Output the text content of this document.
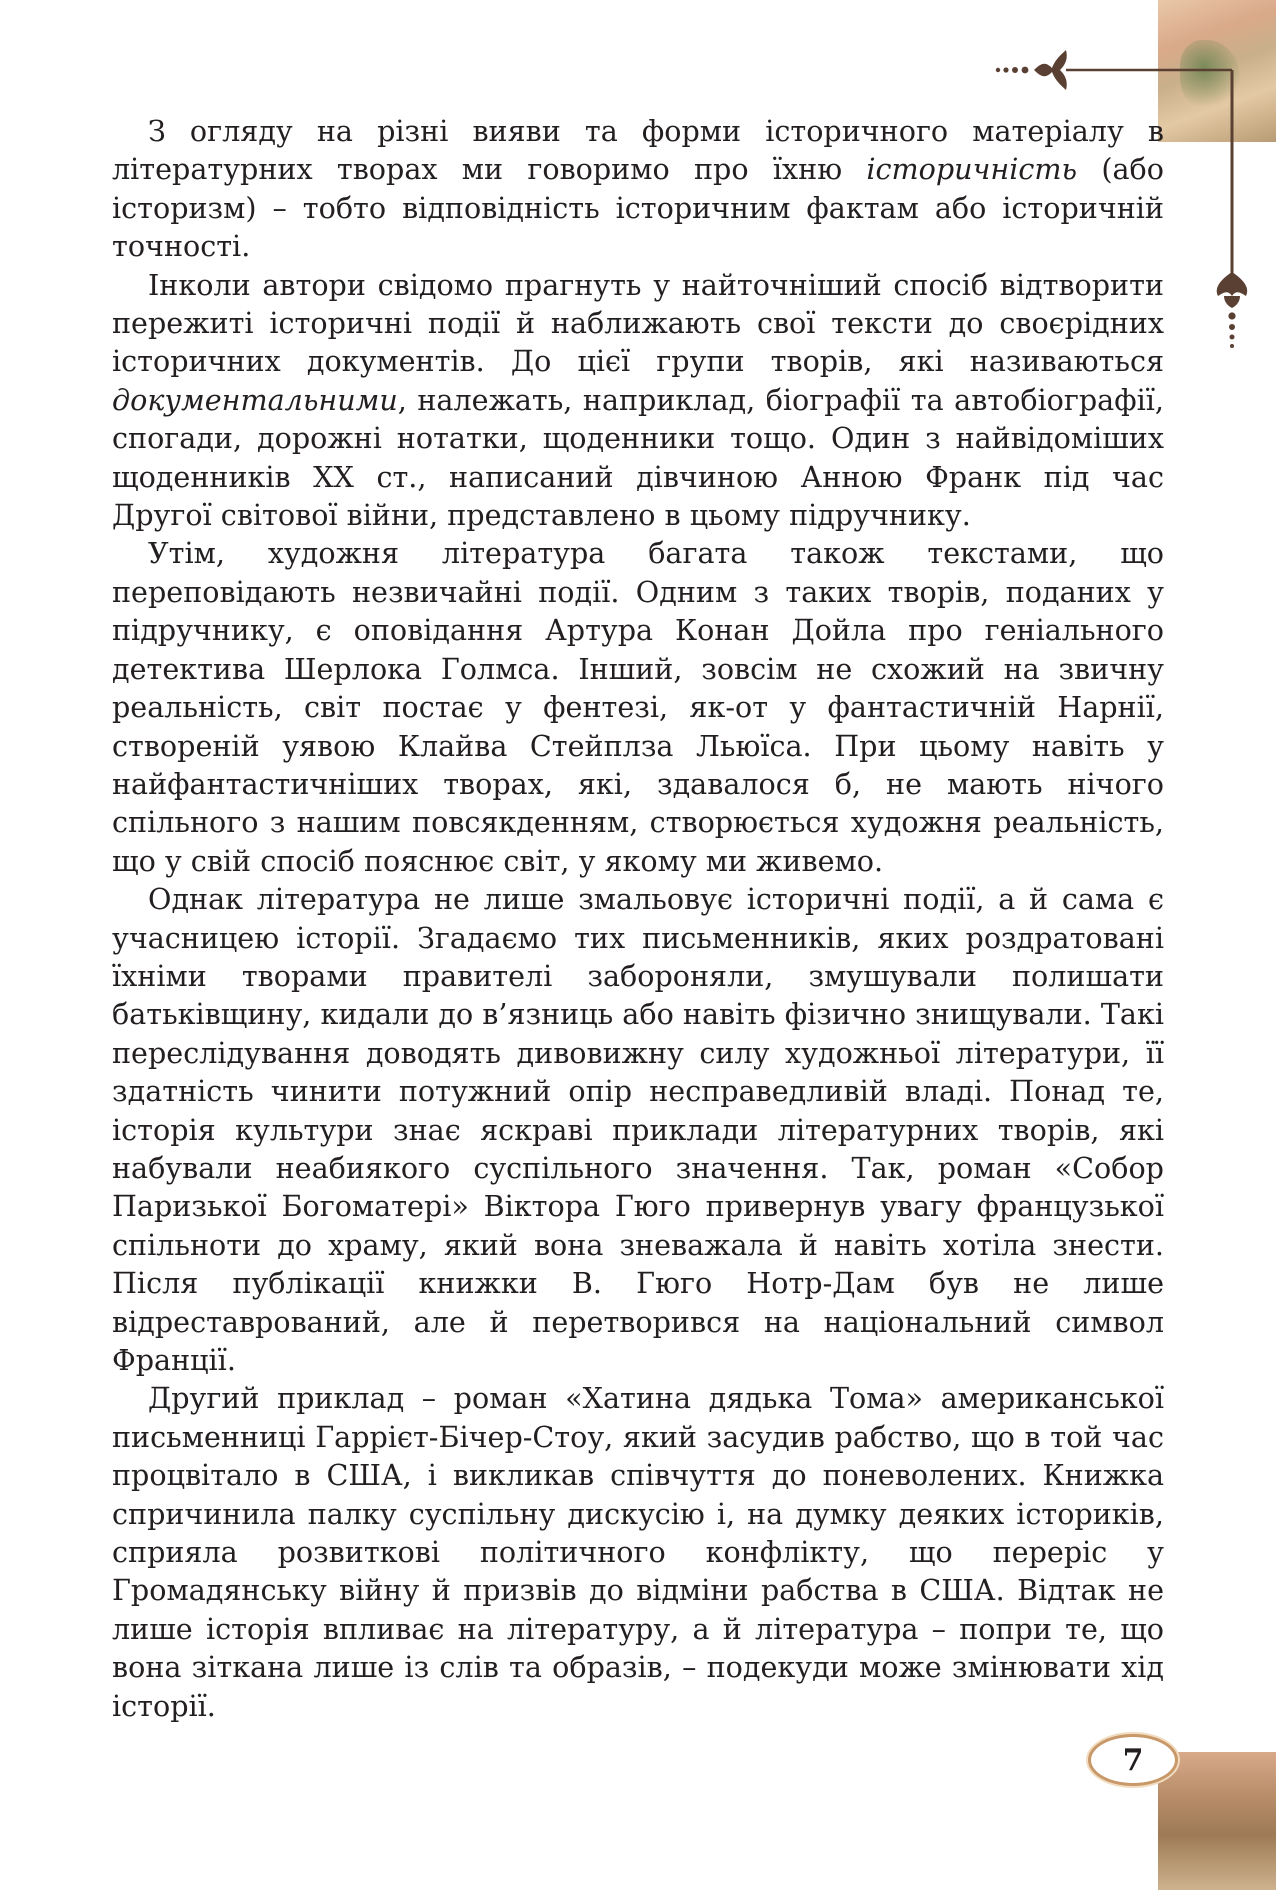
З огляду на різні вияви та форми історичного матеріалу в літературних творах ми говоримо про їхню історичність (або історизм) – тобто відповідність історичним фактам або історичній точності.

Інколи автори свідомо прагнуть у найточніший спосіб відтворити пережиті історичні події й наближають свої тексти до своєрідних історичних документів. До цієї групи творів, які називаються документальними, належать, наприклад, біографії та автобіографії, спогади, дорожні нотатки, щоденники тощо. Один з найвідоміших щоденників XX ст., написаний дівчиною Анною Франк під час Другої світової війни, представлено в цьому підручнику.

Утім, художня література багата також текстами, що переповідають незвичайні події. Одним з таких творів, поданих у підручнику, є оповідання Артура Конан Дойла про геніального детектива Шерлока Голмса. Інший, зовсім не схожий на звичну реальність, світ постає у фентезі, як-от у фантастичній Нарнії, створеній уявою Клайва Стейплза Льюїса. При цьому навіть у найфантастичніших творах, які, здавалося б, не мають нічого спільного з нашим повсякденням, створюється художня реальність, що у свій спосіб пояснює світ, у якому ми живемо.

Однак література не лише змальовує історичні події, а й сама є учасницею історії. Згадаємо тих письменників, яких роздратовані їхніми творами правителі забороняли, змушували полишати батьківщину, кидали до в’язниць або навіть фізично знищували. Такі переслідування доводять дивовижну силу художньої літератури, її здатність чинити потужний опір несправедливій владі. Понад те, історія культури знає яскраві приклади літературних творів, які набували неабиякого суспільного значення. Так, роман «Собор Паризької Богоматері» Віктора Гюго привернув увагу французької спільноти до храму, який вона зневажала й навіть хотіла знести. Після публікації книжки В. Гюго Нотр-Дам був не лише відреставрований, але й перетворився на національний символ Франції.

Другий приклад – роман «Хатина дядька Тома» американської письменниці Гаррієт-Бічер-Стоу, який засудив рабство, що в той час процвітало в США, і викликав співчуття до поневолених. Книжка спричинила палку суспільну дискусію і, на думку деяких істориків, сприяла розвиткові політичного конфлікту, що переріс у Громадянську війну й призвів до відміни рабства в США. Відтак не лише історія впливає на літературу, а й література – попри те, що вона зіткана лише із слів та образів, – подекуди може змінювати хід історії.

7
